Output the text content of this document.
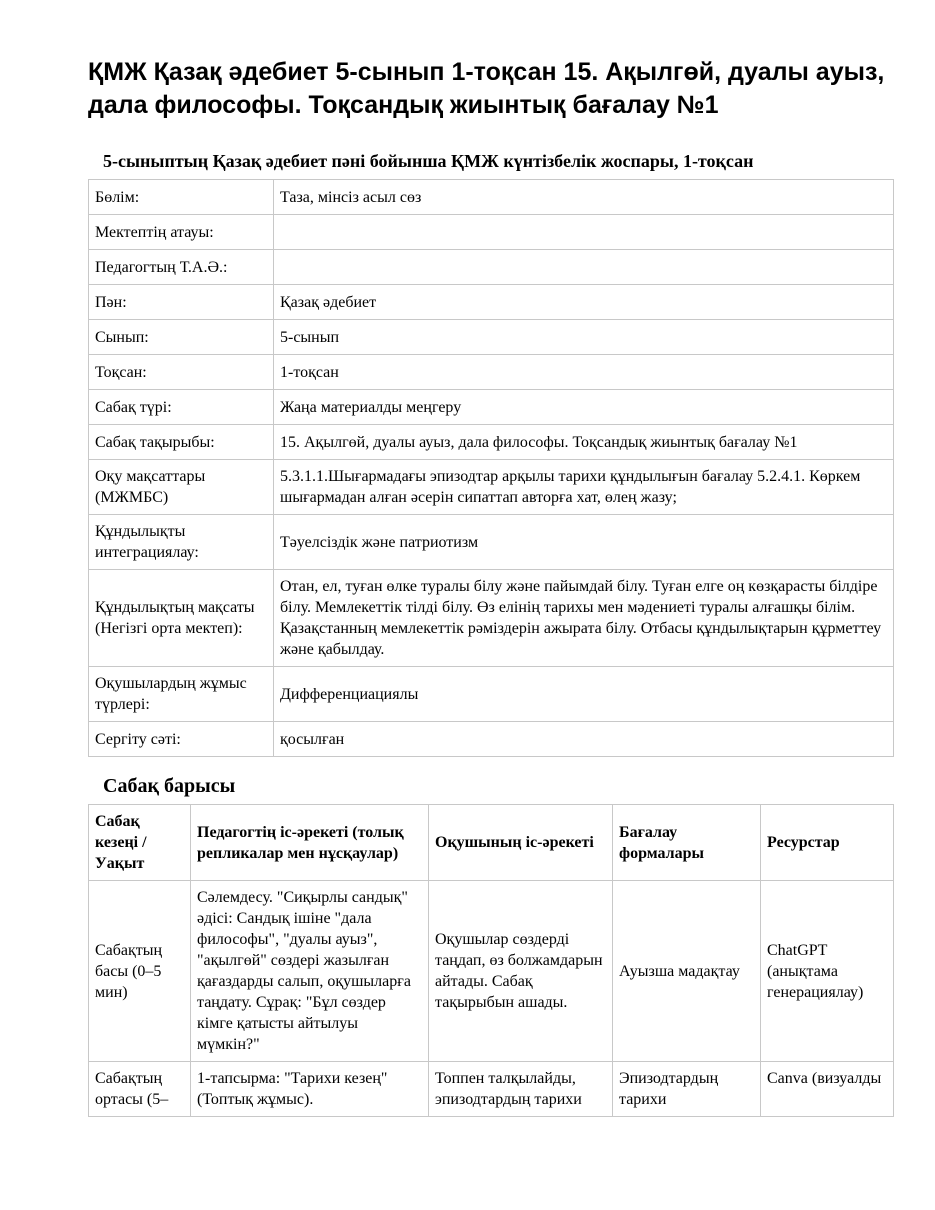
ҚМЖ Қазақ әдебиет 5-сынып 1-тоқсан 15. Ақылгөй, дуалы ауыз, дала философы. Тоқсандық жиынтық бағалау №1
5-сыныптың Қазақ әдебиет пәні бойынша ҚМЖ күнтізбелік жоспары, 1-тоқсан
Бөлім:	Таза, мінсіз асыл сөз
Мектептің атауы:	
Педагогтың Т.А.Ә.:	
Пән:	Қазақ әдебиет
Сынып:	5-сынып
Тоқсан:	1-тоқсан
Сабақ түрі:	Жаңа материалды меңгеру
Сабақ тақырыбы:	15. Ақылгөй, дуалы ауыз, дала философы. Тоқсандық жиынтық бағалау №1
Оқу мақсаттары (МЖМБС)	5.3.1.1.Шығармадағы эпизодтар арқылы тарихи құндылығын бағалау 5.2.4.1. Көркем шығармадан алған әсерін сипаттап авторға хат, өлең жазу;
Құндылықты интеграциялау:	Тәуелсіздік және патриотизм
Құндылықтың мақсаты (Негізгі орта мектеп):	Отан, ел, туған өлке туралы білу және пайымдай білу. Туған елге оң көзқарасты білдіре білу. Мемлекеттік тілді білу. Өз елінің тарихы мен мәдениеті туралы алғашқы білім. Қазақстанның мемлекеттік рәміздерін ажырата білу. Отбасы құндылықтарын құрметтеу және қабылдау.
Оқушылардың жұмыс түрлері:	Дифференциациялы
Сергіту сәті:	қосылған
Сабақ барысы
Сабақ кезеңі / Уақыт	Педагогтің іс-әрекеті (толық репликалар мен нұсқаулар)	Оқушының іс-әрекеті	Бағалау формалары	Ресурстар
Сабақтың басы (0–5 мин)	Сәлемдесу. "Сиқырлы сандық" әдісі: Сандық ішіне "дала философы", "дуалы ауыз", "ақылгөй" сөздері жазылған қағаздарды салып, оқушыларға таңдату. Сұрақ: "Бұл сөздер кімге қатысты айтылуы мүмкін?"	Оқушылар сөздерді таңдап, өз болжамдарын айтады. Сабақ тақырыбын ашады.	Ауызша мадақтау	ChatGPT (анықтама генерациялау)
Сабақтың ортасы (5–	1-тапсырма: "Тарихи кезең" (Топтық жұмыс).	Топпен талқылайды, эпизодтардың тарихи	Эпизодтардың тарихи	Canva (визуалды
